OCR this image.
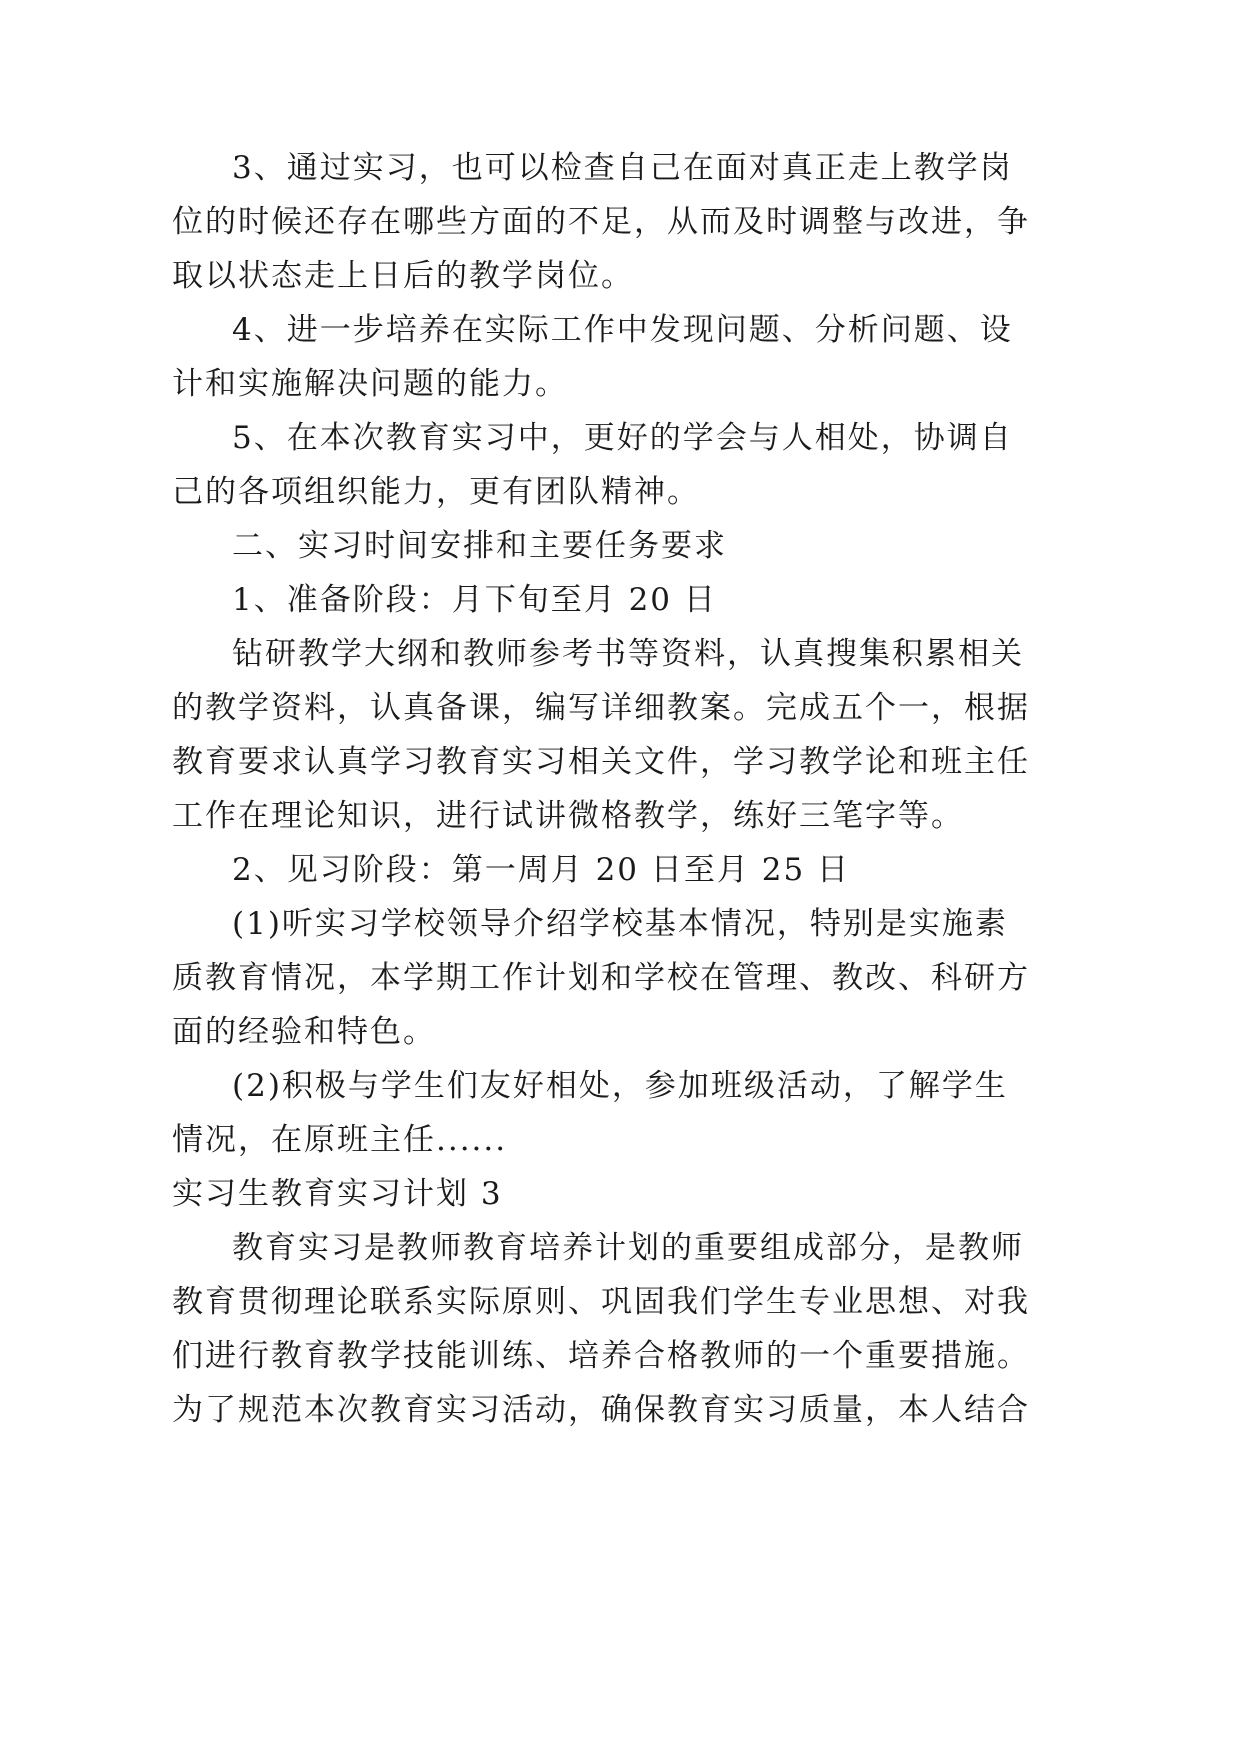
3、通过实习，也可以检查自己在面对真正走上教学岗
位的时候还存在哪些方面的不足，从而及时调整与改进，争
取以状态走上日后的教学岗位。
4、进一步培养在实际工作中发现问题、分析问题、设
计和实施解决问题的能力。
5、在本次教育实习中，更好的学会与人相处，协调自
己的各项组织能力，更有团队精神。
二、实习时间安排和主要任务要求
1、准备阶段：月下旬至月 20 日
钻研教学大纲和教师参考书等资料，认真搜集积累相关
的教学资料，认真备课，编写详细教案。完成五个一，根据
教育要求认真学习教育实习相关文件，学习教学论和班主任
工作在理论知识，进行试讲微格教学，练好三笔字等。
2、见习阶段：第一周月 20 日至月 25 日
(1)听实习学校领导介绍学校基本情况，特别是实施素
质教育情况，本学期工作计划和学校在管理、教改、科研方
面的经验和特色。
(2)积极与学生们友好相处，参加班级活动，了解学生
情况，在原班主任......
实习生教育实习计划 3
教育实习是教师教育培养计划的重要组成部分，是教师
教育贯彻理论联系实际原则、巩固我们学生专业思想、对我
们进行教育教学技能训练、培养合格教师的一个重要措施。
为了规范本次教育实习活动，确保教育实习质量，本人结合
